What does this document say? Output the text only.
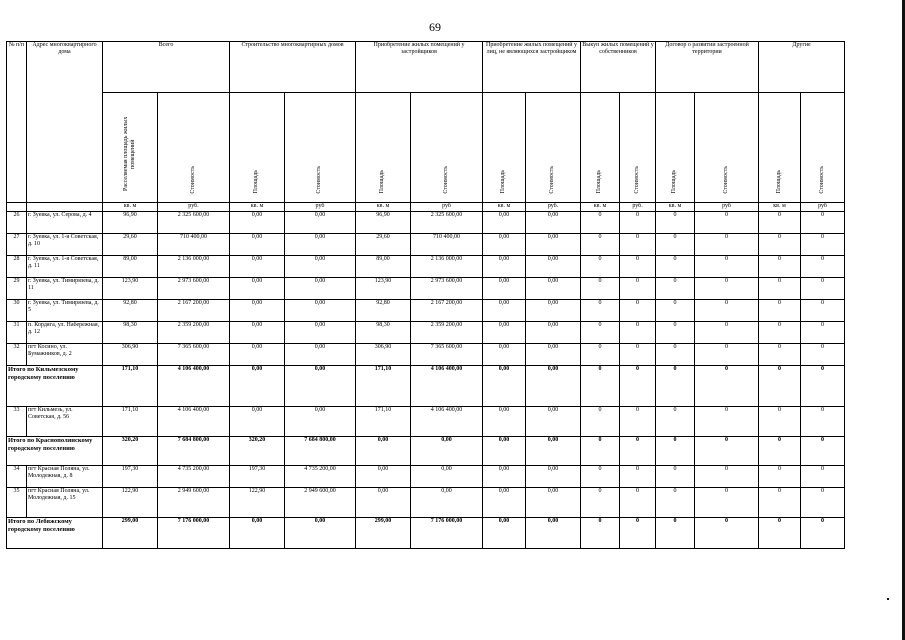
69
№ п/п	Адрес многоквартирного дома	Всего		Строительство многоквартирных домов		Приобретение жилых помещений у застройщиков		Приобретение жилых помещений у лиц, не являющихся застройщиком		Выкуп жилых помещений у собственников		Договор о развитии застроенной территории		Другие	
		Расселяемая площадь жилых помещений	Стоимость	Площадь	Стоимость	Площадь	Стоимость	Площадь	Стоимость	Площадь	Стоимость	Площадь	Стоимость	Площадь	Стоимость
		кв. м	руб.	кв. м	руб	кв. м	руб	кв. м	руб.	кв. м	руб.	кв. м	руб	кв. м	руб
26	г. Зуевка, ул. Серова, д. 4	96,90	2 325 600,00	0,00	0,00	96,90	2 325 600,00	0,00	0,00	0	0	0	0	0	0
27	г. Зуевка, ул. 1-я Советская, д. 10	29,60	710 400,00	0,00	0,00	29,60	710 400,00	0,00	0,00	0	0	0	0	0	0
28	г. Зуевка, ул. 1-я Советская, д. 11	89,00	2 136 000,00	0,00	0,00	89,00	2 136 000,00	0,00	0,00	0	0	0	0	0	0
29	г. Зуевка, ул. Тимирязева, д. 11	123,90	2 973 600,00	0,00	0,00	123,90	2 973 600,00	0,00	0,00	0	0	0	0	0	0
30	г. Зуевка, ул. Тимирязева, д. 5	92,80	2 167 200,00	0,00	0,00	92,80	2 167 200,00	0,00	0,00	0	0	0	0	0	0
31	п. Кордяга, ул. Набережная, д. 12	98,30	2 359 200,00	0,00	0,00	98,30	2 359 200,00	0,00	0,00	0	0	0	0	0	0
32	пгт Косино, ул. Бумажников, д. 2	306,90	7 365 600,00	0,00	0,00	306,90	7 365 600,00	0,00	0,00	0	0	0	0	0	0
Итого по Кильмезскому городскому поселению		171,10	4 106 400,00	0,00	0,00	171,10	4 106 400,00	0,00	0,00	0	0	0	0	0	0
33	пгт Кильмезь, ул. Советская, д. 56	171,10	4 106 400,00	0,00	0,00	171,10	4 106 400,00	0,00	0,00	0	0	0	0	0	0
Итого по Краснополянскому городскому поселению		320,20	7 684 800,00	320,20	7 684 800,00	0,00	0,00	0,00	0,00	0	0	0	0	0	0
34	пгт Красная Поляна, ул. Молодежная, д. 8	197,30	4 735 200,00	197,30	4 735 200,00	0,00	0,00	0,00	0,00	0	0	0	0	0	0
35	пгт Красная Поляна, ул. Молодежная, д. 15	122,90	2 949 600,00	122,90	2 949 600,00	0,00	0,00	0,00	0,00	0	0	0	0	0	0
Итого по Лебяжскому городскому поселению		299,00	7 176 000,00	0,00	0,00	299,00	7 176 000,00	0,00	0,00	0	0	0	0	0	0
